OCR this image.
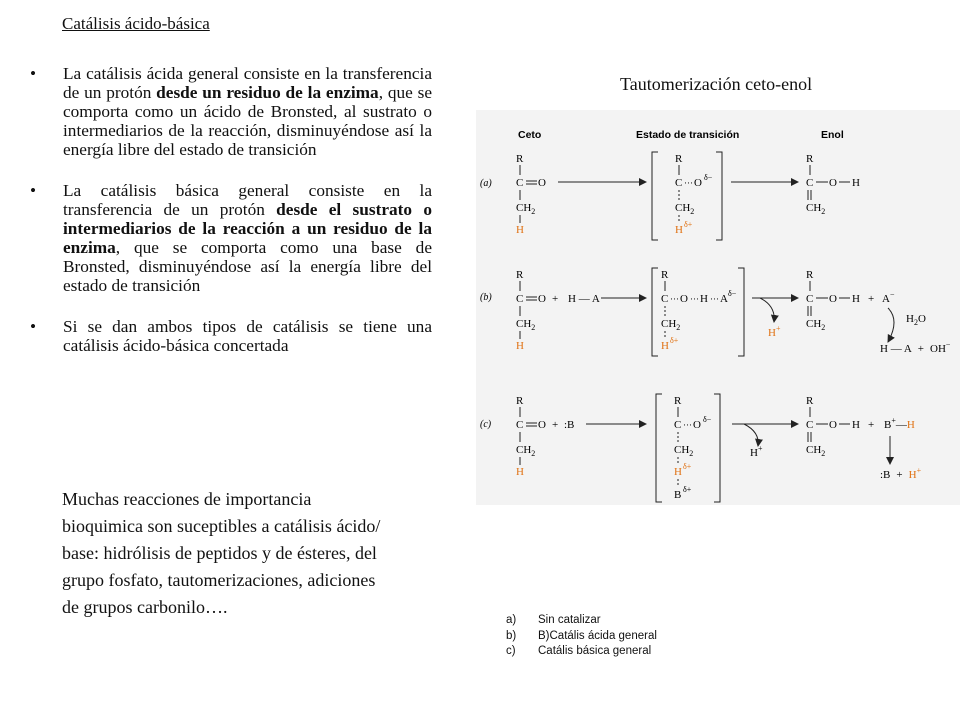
Catálisis ácido-básica
• La catálisis ácida general consiste en la transferencia de un protón desde un residuo de la enzima, que se comporta como un ácido de Bronsted, al sustrato o intermediarios de la reacción, disminuyéndose así la energía libre del estado de transición
• La catálisis básica general consiste en la transferencia de un protón desde el sustrato o intermediarios de la reacción a un residuo de la enzima, que se comporta como una base de Bronsted, disminuyéndose así la energía libre del estado de transición
• Si se dan ambos tipos de catálisis se tiene una catálisis ácido-básica concertada
Muchas reacciones de importancia bioquimica son suceptibles a catálisis ácido/ base: hidrólisis de peptidos y de ésteres, del grupo fosfato, tautomerizaciones, adiciones de grupos carbonilo….
Tautomerización ceto-enol
Ceto	Estado de transición	Enol
(a)
R
C O
$CH_2$
H
R
C ··· O δ−
$CH_2$
H δ+
R
C O H
$CH_2$
(b)
R
C O + H — A
$CH_2$
H
R
C ··· O ··· H ··· A δ−
$CH_2$
H δ+
H+
R
C O H + A−
$CH_2$
$H_2O$
H — A + OH−
(c)
R
C O + :B
$CH_2$
H
R
C ··· O δ−
$CH_2$
H δ+
B δ+
H+
R
C O H + B+—H
$CH_2$
:B + H+
a)	Sin catalizar
b)	B)Catális ácida general
c)	Catális básica general
